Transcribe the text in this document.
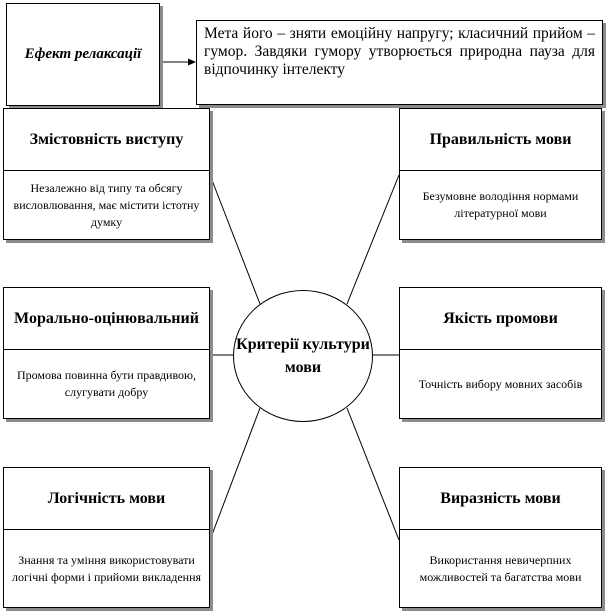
Ефект релаксації
Мета його – зняти емоційну напругу; класичний прийом – гумор. Завдяки гумору утворюється природна пауза для відпочинку інтелекту
Змістовність виступу
Незалежно від типу та обсягу висловлювання, має містити істотну думку
Морально-оцінювальний
Промова повинна бути правдивою, слугувати добру
Логічність мови
Знання та уміння використовувати логічні форми і прийоми викладення
Правильність мови
Безумовне володіння нормами літературної мови
Якість промови
Точність вибору мовних засобів
Виразність мови
Використання невичерпних можливостей та багатства мови
Критерії культури мови
